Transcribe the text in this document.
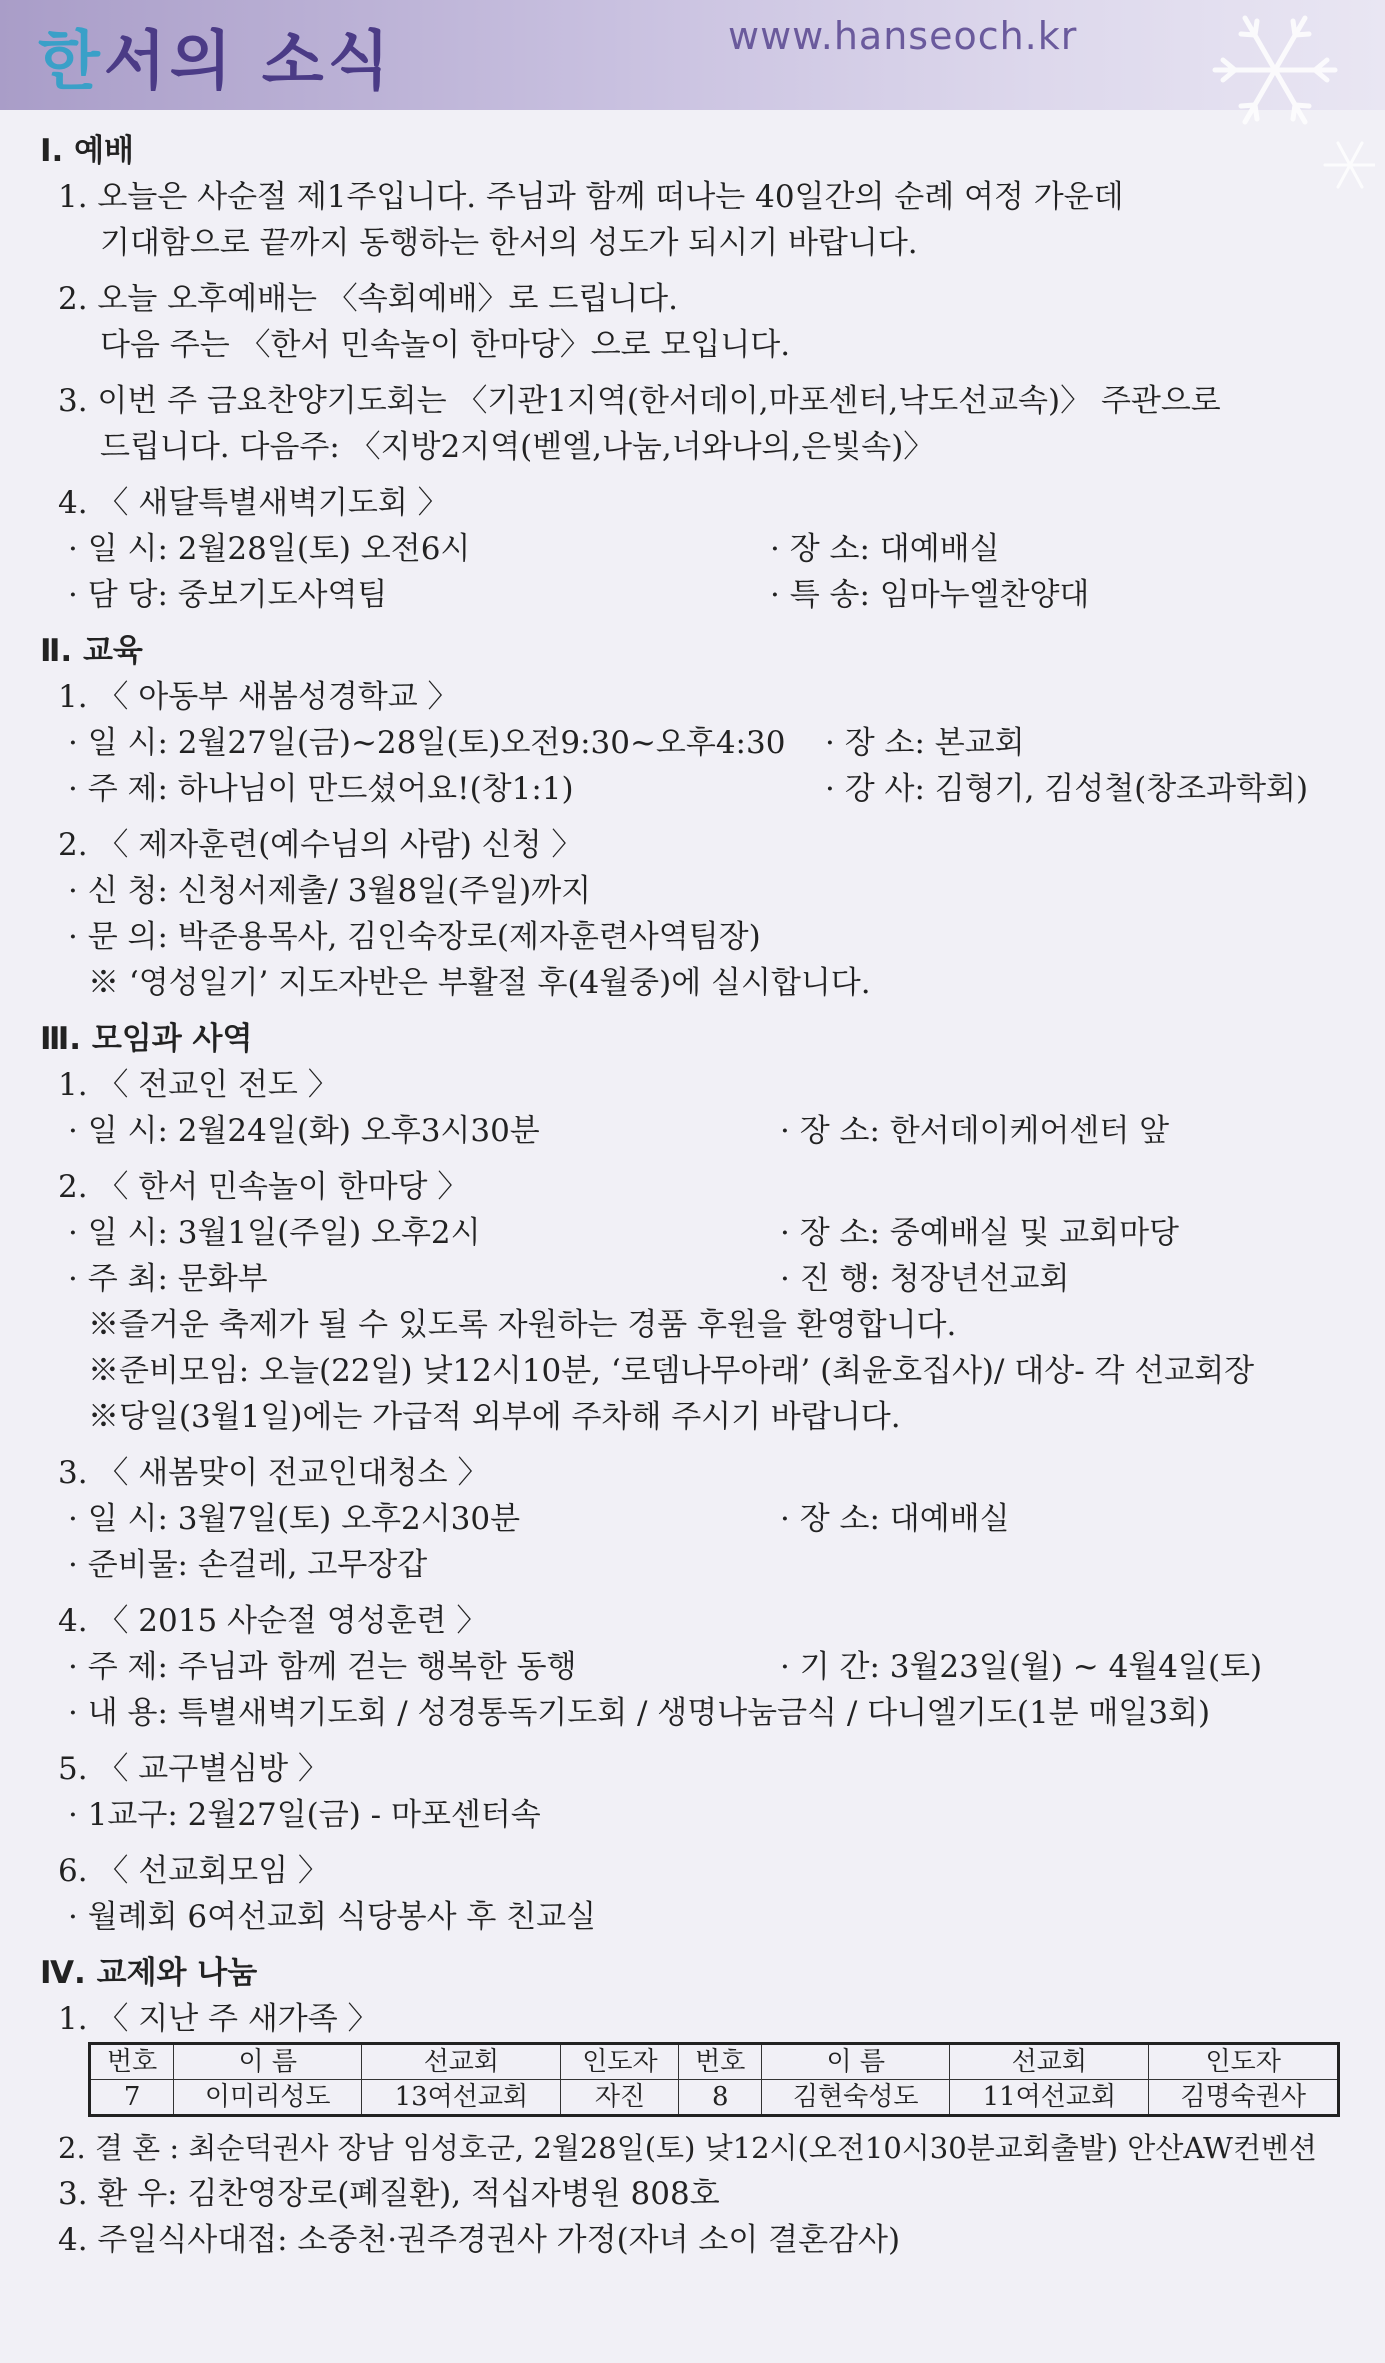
한서의 소식	www.hanseoch.kr
Ⅰ. 예배
1. 오늘은 사순절 제1주입니다. 주님과 함께 떠나는 40일간의 순례 여정 가운데
기대함으로 끝까지 동행하는 한서의 성도가 되시기 바랍니다.
2. 오늘 오후예배는 〈속회예배〉로 드립니다.
다음 주는 〈한서 민속놀이 한마당〉으로 모입니다.
3. 이번 주 금요찬양기도회는 〈기관1지역(한서데이,마포센터,낙도선교속)〉 주관으로
드립니다. 다음주: 〈지방2지역(벧엘,나눔,너와나의,은빛속)〉
4. 〈 새달특별새벽기도회 〉
· 일 시: 2월28일(토) 오전6시	· 장 소: 대예배실
· 담 당: 중보기도사역팀	· 특 송: 임마누엘찬양대
Ⅱ. 교육
1. 〈 아동부 새봄성경학교 〉
· 일 시: 2월27일(금)~28일(토)오전9:30~오후4:30 · 장 소: 본교회
· 주 제: 하나님이 만드셨어요!(창1:1)	· 강 사: 김형기, 김성철(창조과학회)
2. 〈 제자훈련(예수님의 사람) 신청 〉
· 신 청: 신청서제출/ 3월8일(주일)까지
· 문 의: 박준용목사, 김인숙장로(제자훈련사역팀장)
※ ‘영성일기’ 지도자반은 부활절 후(4월중)에 실시합니다.
Ⅲ. 모임과 사역
1. 〈 전교인 전도 〉
· 일 시: 2월24일(화) 오후3시30분	· 장 소: 한서데이케어센터 앞
2. 〈 한서 민속놀이 한마당 〉
· 일 시: 3월1일(주일) 오후2시	· 장 소: 중예배실 및 교회마당
· 주 최: 문화부	· 진 행: 청장년선교회
※즐거운 축제가 될 수 있도록 자원하는 경품 후원을 환영합니다.
※준비모임: 오늘(22일) 낮12시10분, ‘로뎀나무아래’ (최윤호집사)/ 대상- 각 선교회장
※당일(3월1일)에는 가급적 외부에 주차해 주시기 바랍니다.
3. 〈 새봄맞이 전교인대청소 〉
· 일 시: 3월7일(토) 오후2시30분	· 장 소: 대예배실
· 준비물: 손걸레, 고무장갑
4. 〈 2015 사순절 영성훈련 〉
· 주 제: 주님과 함께 걷는 행복한 동행	· 기 간: 3월23일(월) ~ 4월4일(토)
· 내 용: 특별새벽기도회 / 성경통독기도회 / 생명나눔금식 / 다니엘기도(1분 매일3회)
5. 〈 교구별심방 〉
· 1교구: 2월27일(금) - 마포센터속
6. 〈 선교회모임 〉
· 월례회 6여선교회 식당봉사 후 친교실
Ⅳ. 교제와 나눔
1. 〈 지난 주 새가족 〉
번호	이 름	선교회	인도자	번호	이 름	선교회	인도자
7	이미리성도	13여선교회	자진	8	김현숙성도	11여선교회	김명숙권사
2. 결 혼 : 최순덕권사 장남 임성호군, 2월28일(토) 낮12시(오전10시30분교회출발) 안산AW컨벤션
3. 환 우: 김찬영장로(폐질환), 적십자병원 808호
4. 주일식사대접: 소중천·권주경권사 가정(자녀 소이 결혼감사)
